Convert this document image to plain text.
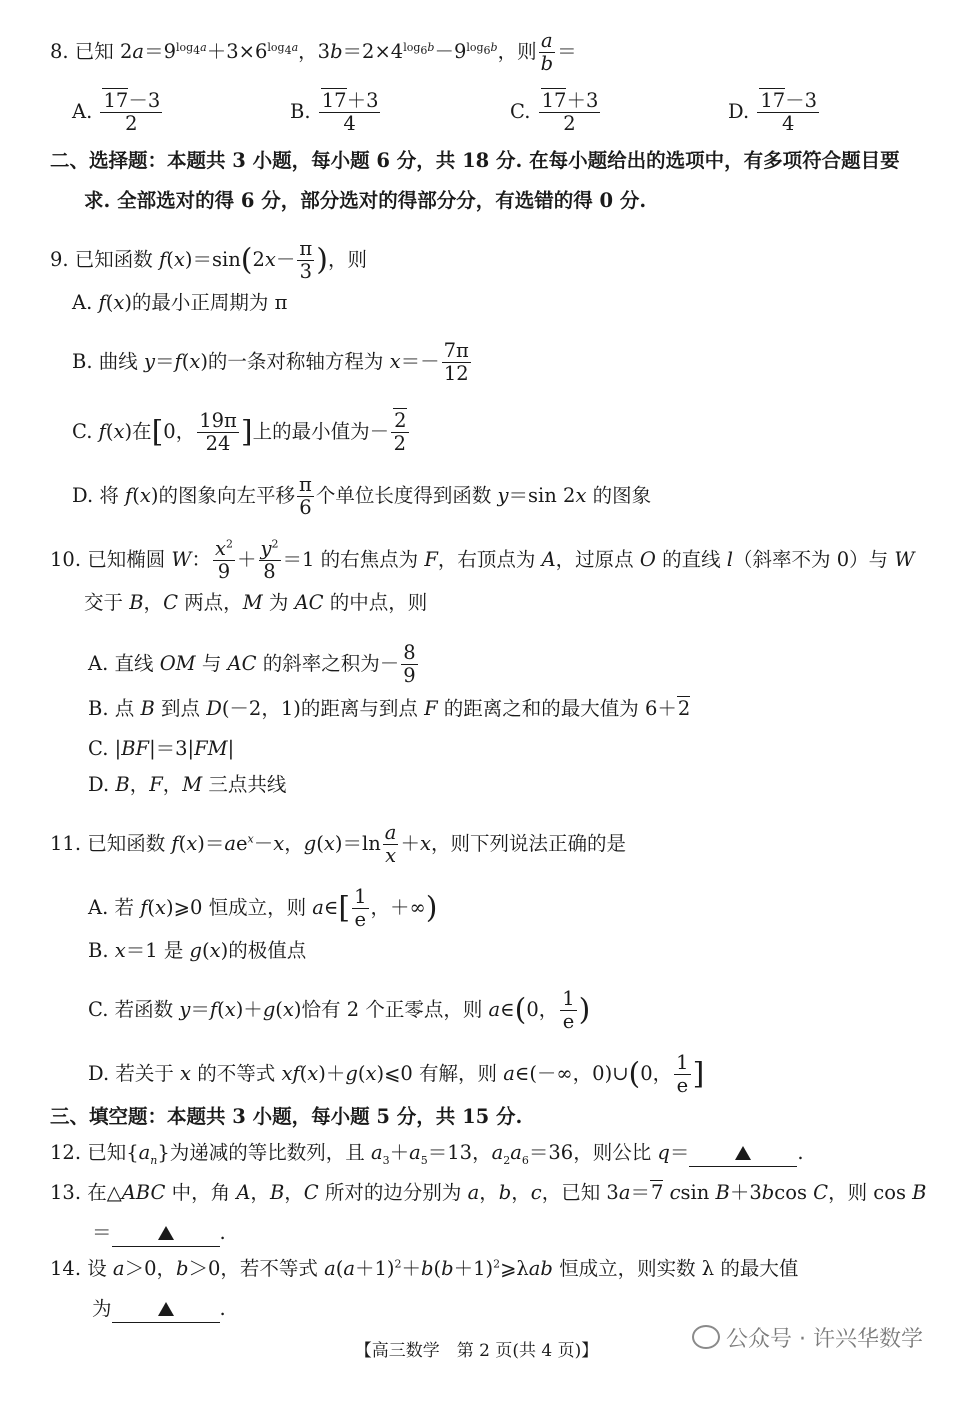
8. 已知 $2a=9^{log_4a}+3\times 6^{log_4a}$，$3b=2\times 4^{log_6b}-9^{log_6b}$，则 $\frac{a}{b}$ ＝
A. $\frac{17-3}{2}$	B. $\frac{17+3}{4}$	C. $\frac{17+3}{2}$	D. $\frac{17-3}{4}$
二、选择题：本题共 3 小题，每小题 6 分，共 18 分. 在每小题给出的选项中，有多项符合题目要
求. 全部选对的得 6 分，部分选对的得部分分，有选错的得 0 分.
9. 已知函数 $f(x)=\sin(2x- \frac{\pi}{3}$ )，则
A. f(x)的最小正周期为 π
B. 曲线 y＝f(x)的一条对称轴方程为 $x=- \frac{7\pi}{12}$
C. f(x)在[0， $\frac{19\pi}{24}$ ]上的最小值为－ $\frac{2}{2}$
D. 将 f(x)的图象向左平移 $\frac{\pi}{6}$ 个单位长度得到函数 y＝sin 2x 的图象
10. 已知椭圆 W： $\frac{x^2}{9} + \frac{y^2}{8} =1$ 的右焦点为 F，右顶点为 A，过原点 O 的直线 l（斜率不为 0）与 W
交于 B，C 两点，M 为 AC 的中点，则
A. 直线 OM 与 AC 的斜率之积为－ $\frac{8}{9}$
B. 点 B 到点 D(－2，1)的距离与到点 F 的距离之和的最大值为 6＋2
C. |BF|＝3|FM|
D. B，F，M 三点共线
11. 已知函数 $f(x)=ae^x-x$，$g(x)=\ln \frac{a}{x} +x$，则下列说法正确的是
A. 若 f(x)⩾0 恒成立，则 a∈[ $\frac{1}{e}$ ，＋∞)
B. x＝1 是 g(x)的极值点
C. 若函数 y＝f(x)＋g(x)恰有 2 个正零点，则 a∈(0， $\frac{1}{e}$ )
D. 若关于 x 的不等式 xf(x)＋g(x)⩽0 有解，则 a∈(－∞，0)∪(0， $\frac{1}{e}$ ]
三、填空题：本题共 3 小题，每小题 5 分，共 15 分.
12. 已知$\{a_n\}$为递减的等比数列，且 $a_3+a_5=13$，$a_2a_6=36$，则公比 q＝	.
13. 在△ABC 中，角 A，B，C 所对的边分别为 a，b，c，已知 3a＝7 csin B＋3bcos C，则 cos B
＝	.
14. 设 a＞0，b＞0，若不等式 $a(a+1)^2+b(b+1)^2⩾\lambda ab$ 恒成立，则实数 λ 的最大值
为	.
【高三数学　第 2 页(共 4 页)】	公众号 · 许兴华数学
